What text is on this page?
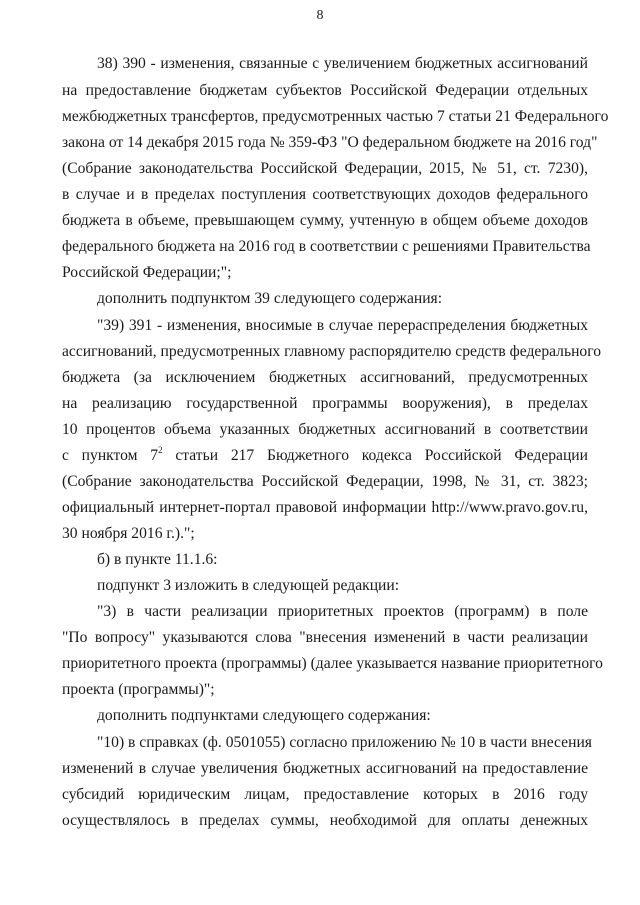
8
38) 390 - изменения, связанные с увеличением бюджетных ассигнований
на предоставление бюджетам субъектов Российской Федерации отдельных
межбюджетных трансфертов, предусмотренных частью 7 статьи 21 Федерального
закона от 14 декабря 2015 года № 359-ФЗ "О федеральном бюджете на 2016 год"
(Собрание законодательства Российской Федерации, 2015, № 51, ст. 7230),
в случае и в пределах поступления соответствующих доходов федерального
бюджета в объеме, превышающем сумму, учтенную в общем объеме доходов
федерального бюджета на 2016 год в соответствии с решениями Правительства
Российской Федерации;";
дополнить подпунктом 39 следующего содержания:
"39) 391 - изменения, вносимые в случае перераспределения бюджетных
ассигнований, предусмотренных главному распорядителю средств федерального
бюджета (за исключением бюджетных ассигнований, предусмотренных
на реализацию государственной программы вооружения), в пределах
10 процентов объема указанных бюджетных ассигнований в соответствии
с пунктом $7^2$ статьи 217 Бюджетного кодекса Российской Федерации
(Собрание законодательства Российской Федерации, 1998, № 31, ст. 3823;
официальный интернет-портал правовой информации http://www.pravo.gov.ru,
30 ноября 2016 г.).";
б) в пункте 11.1.6:
подпункт 3 изложить в следующей редакции:
"3) в части реализации приоритетных проектов (программ) в поле
"По вопросу" указываются слова "внесения изменений в части реализации
приоритетного проекта (программы) (далее указывается название приоритетного
проекта (программы)";
дополнить подпунктами следующего содержания:
"10) в справках (ф. 0501055) согласно приложению № 10 в части внесения
изменений в случае увеличения бюджетных ассигнований на предоставление
субсидий юридическим лицам, предоставление которых в 2016 году
осуществлялось в пределах суммы, необходимой для оплаты денежных
